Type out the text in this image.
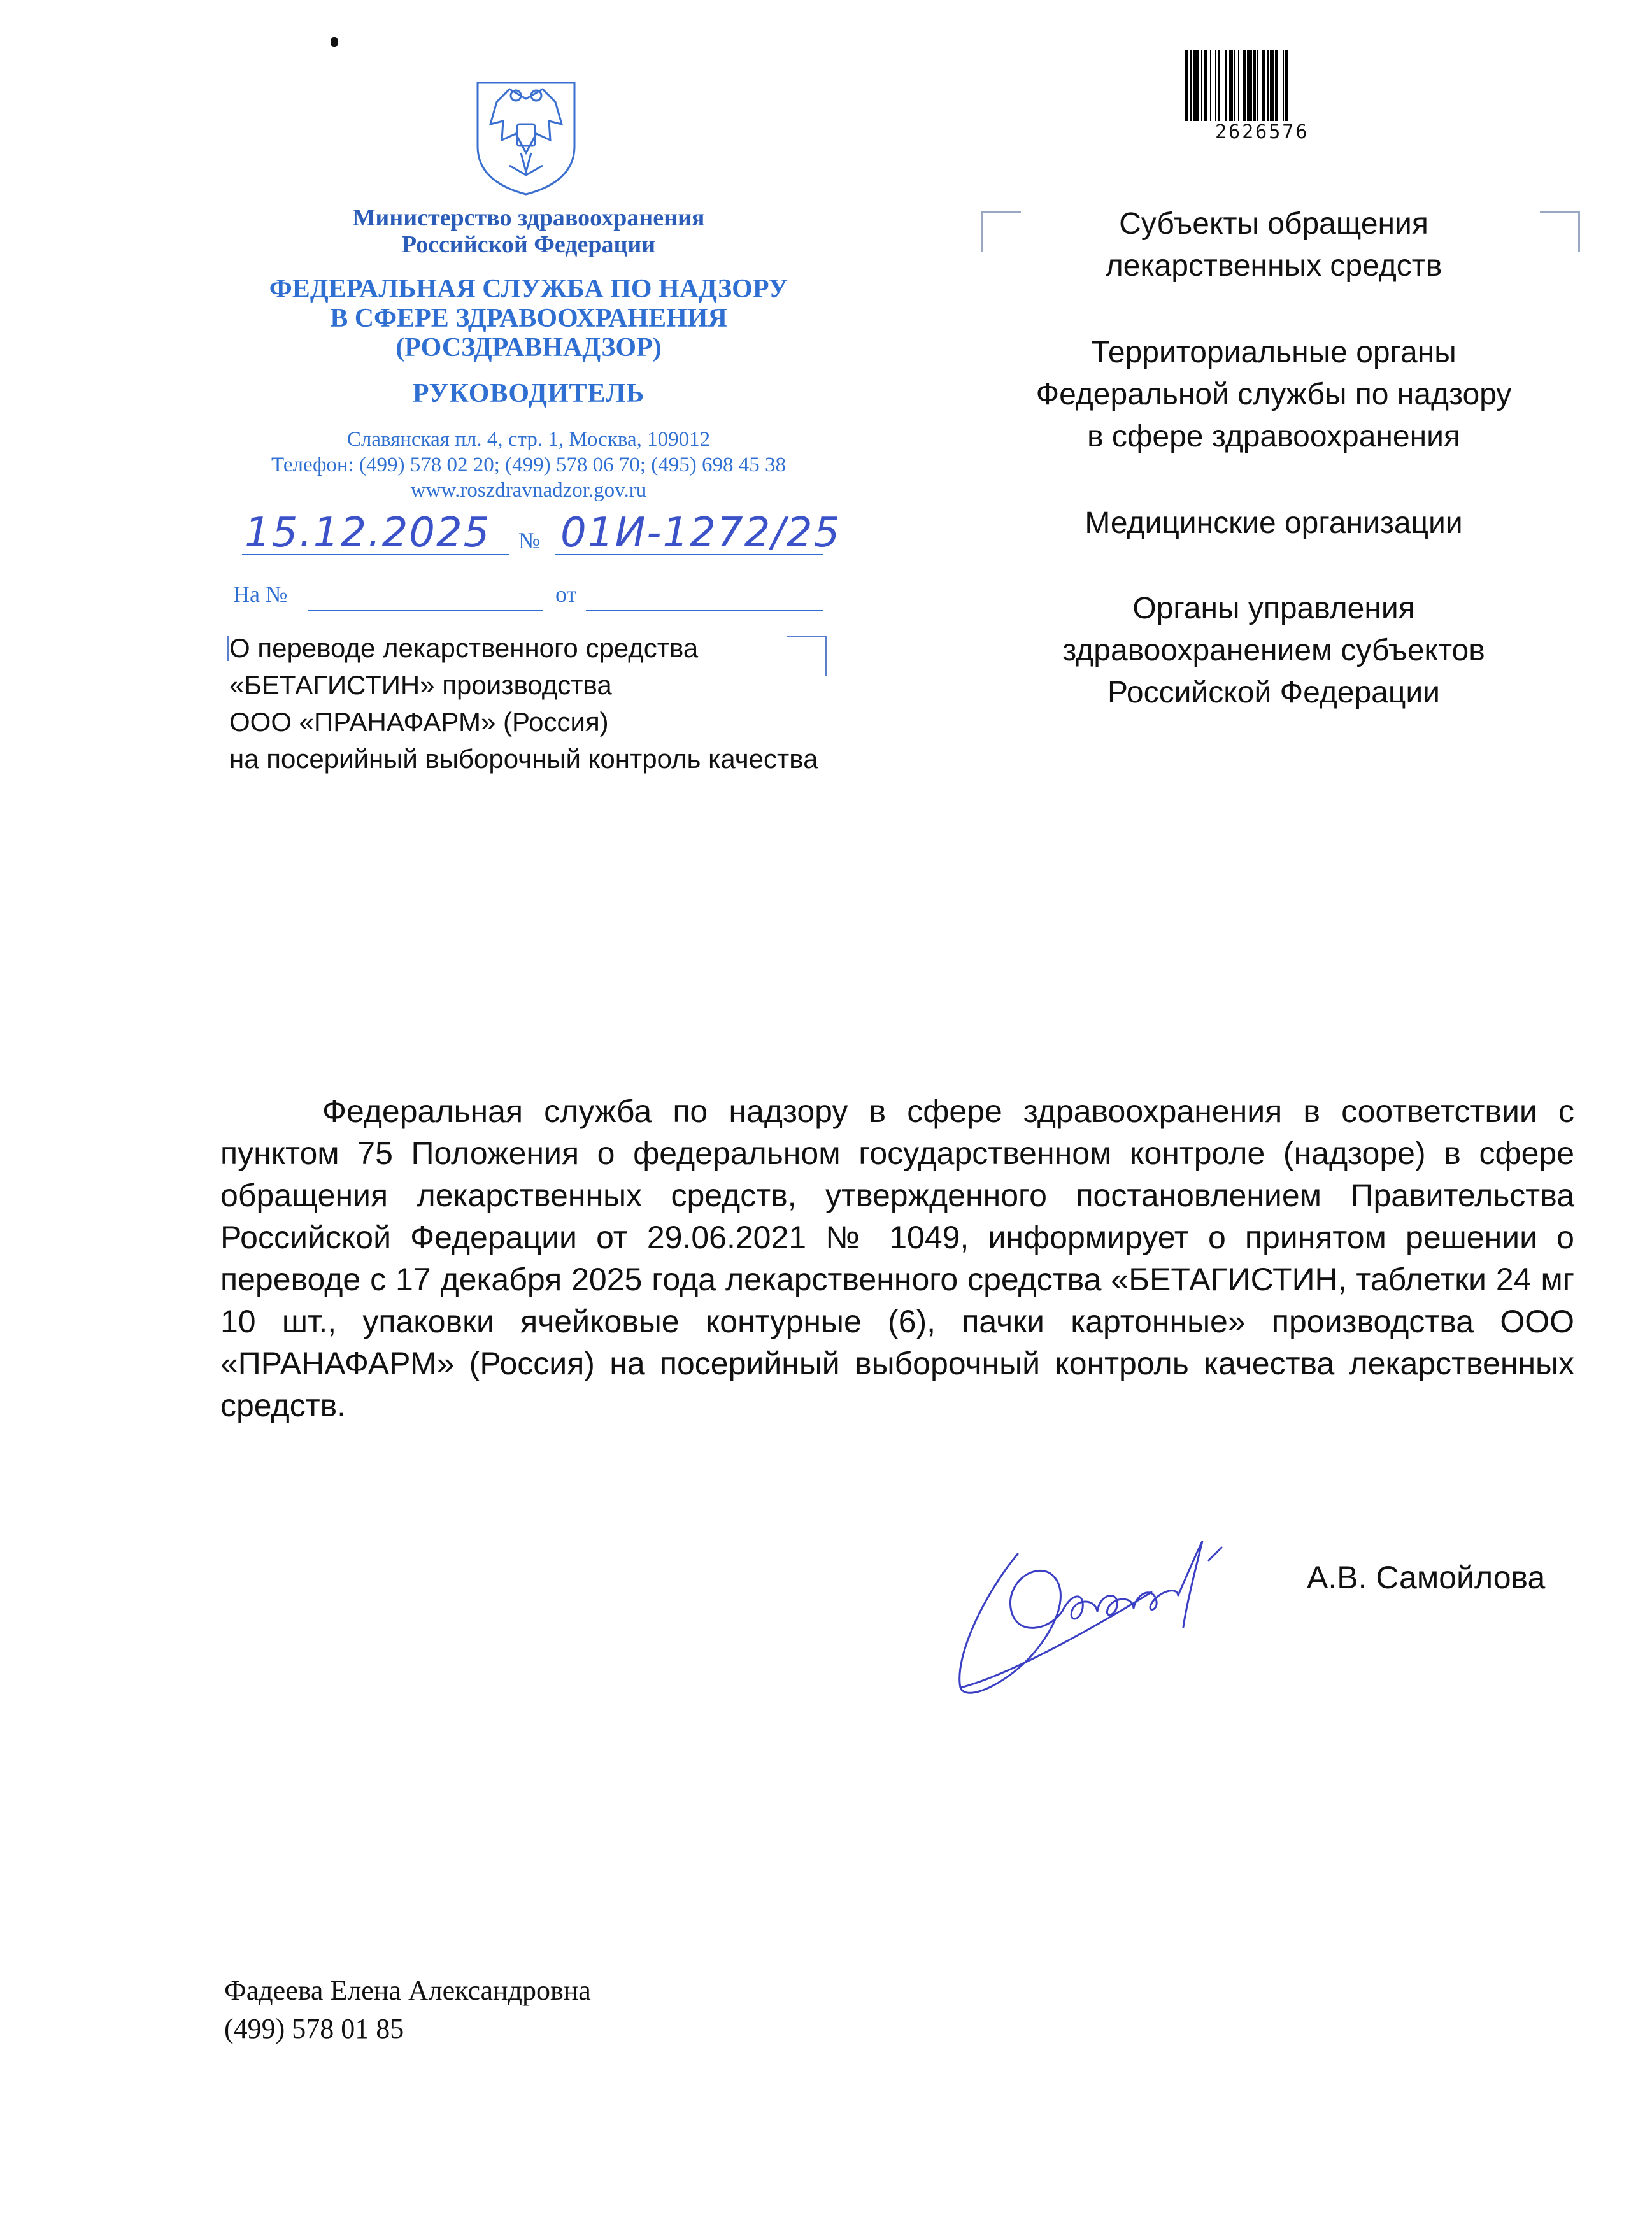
Министерство здравоохранения
Российской Федерации
ФЕДЕРАЛЬНАЯ СЛУЖБА ПО НАДЗОРУ
В СФЕРЕ ЗДРАВООХРАНЕНИЯ
(РОСЗДРАВНАДЗОР)
РУКОВОДИТЕЛЬ
Славянская пл. 4, стр. 1, Москва, 109012
Телефон: (499) 578 02 20; (499) 578 06 70; (495) 698 45 38
www.roszdravnadzor.gov.ru
15.12.2025 № 01И-1272/25
На №	от
О переводе лекарственного средства
«БЕТАГИСТИН» производства
ООО «ПРАНАФАРМ» (Россия)
на посерийный выборочный контроль качества
2626576
Субъекты обращения
лекарственных средств
Территориальные органы
Федеральной службы по надзору
в сфере здравоохранения
Медицинские организации
Органы управления
здравоохранением субъектов
Российской Федерации
Федеральная служба по надзору в сфере здравоохранения в соответствии с пунктом 75 Положения о федеральном государственном контроле (надзоре) в сфере обращения лекарственных средств, утвержденного постановлением Правительства Российской Федерации от 29.06.2021 № 1049, информирует о принятом решении о переводе с 17 декабря 2025 года лекарственного средства «БЕТАГИСТИН, таблетки 24 мг 10 шт., упаковки ячейковые контурные (6), пачки картонные» производства ООО «ПРАНАФАРМ» (Россия) на посерийный выборочный контроль качества лекарственных средств.
А.В. Самойлова
Фадеева Елена Александровна
(499) 578 01 85
